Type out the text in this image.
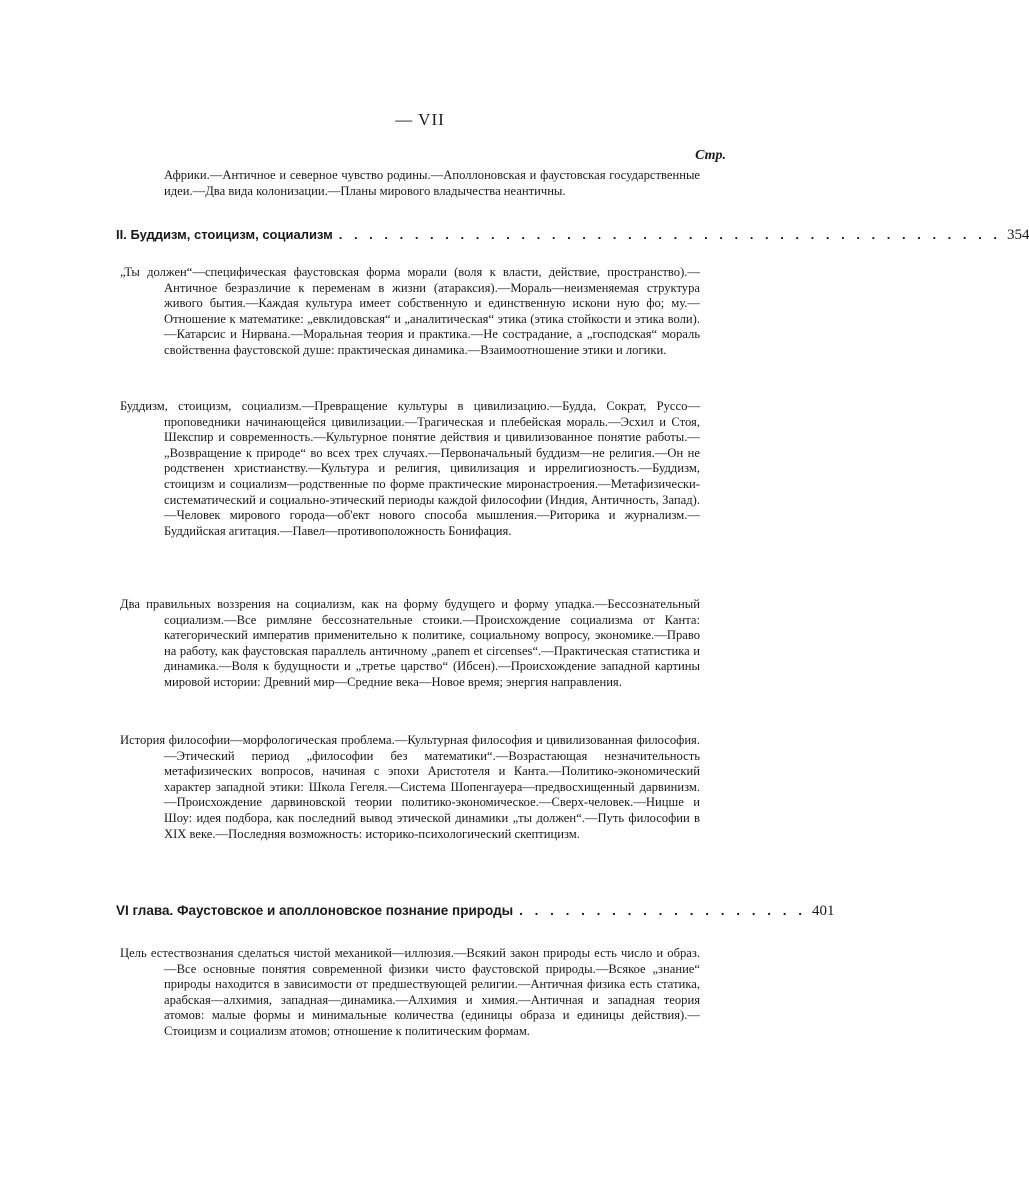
— VII
Стр.
Африки.—Античное и северное чувство родины.—Аполлоновская и фаустовская государственные идеи.—Два вида колонизации.—Планы мирового владычества неантичны.
II. Буддизм, стоицизм, социализм . . . . . . . . . . . . . . . . . . . . . . . . . . . . . . . . . . . . . . . . . . . . 354

„Ты должен“—специфическая фаустовская форма морали (воля к власти, действие, пространство).—Античное безразличие к переменам в жизни (атараксия).—Мораль—неизменяемая структура живого бытия.—Каждая культура имеет собственную и единственную искони ную фо; му.—Отношение к математике: „евклидовская“ и „аналитическая“ этика (этика стойкости и этика воли).—Катарсис и Нирвана.—Моральная теория и практика.—Не сострадание, а „господская“ мораль свойственна фаустовской душе: практическая динамика.—Взаимоотношение этики и логики.

Буддизм, стоицизм, социализм.—Превращение культуры в цивилизацию.—Будда, Сократ, Руссо—проповедники начинающейся цивилизации.—Трагическая и плебейская мораль.—Эсхил и Стоя, Шекспир и современность.—Культурное понятие действия и цивилизованное понятие работы.—„Возвращение к природе“ во всех трех случаях.—Первоначальный буддизм—не религия.—Он не родственен христианству.—Культура и религия, цивилизация и иррелигиозность.—Буддизм, стоицизм и социализм—родственные по форме практические миронастроения.—Метафизически-систематический и социально-этический периоды каждой философии (Индия, Античность, Запад).—Человек мирового города—об'ект нового способа мышления.—Риторика и журнализм.—Буддийская агитация.—Павел—противоположность Бонифация.

Два правильных воззрения на социализм, как на форму будущего и форму упадка.—Бессознательный социализм.—Все римляне бессознательные стоики.—Происхождение социализма от Канта: категорический императив применительно к политике, социальному вопросу, экономике.—Право на работу, как фаустовская параллель античному „panem et circenses“.—Практическая статистика и динамика.—Воля к будущности и „третье царство“ (Ибсен).—Происхождение западной картины мировой истории: Древний мир—Средние века—Новое время; энергия направления.

История философии—морфологическая проблема.—Культурная философия и цивилизованная философия.—Этический период „философии без математики“.—Возрастающая незначительность метафизических вопросов, начиная с эпохи Аристотеля и Канта.—Политико-экономический характер западной этики: Школа Гегеля.—Система Шопенгауера—предвосхищенный дарвинизм.—Происхождение дарвиновской теории политико-экономическое.—Сверх-человек.—Ницше и Шоу: идея подбора, как последний вывод этической динамики „ты должен“.—Путь философии в XIX веке.—Последняя возможность: историко-психологический скептицизм.

VI глава. Фаустовское и аполлоновское познание природы . . . . . . . . . . . . . . . . . . . 401

Цель естествознания сделаться чистой механикой—иллюзия.—Всякий закон природы есть число и образ.—Все основные понятия современной физики чисто фаустовской природы.—Всякое „знание“ природы находится в зависимости от предшествующей религии.—Античная физика есть статика, арабская—алхимия, западная—динамика.—Алхимия и химия.—Античная и западная теория атомов: малые формы и минимальные количества (единицы образа и единицы действия).—Стоицизм и социализм атомов; отношение к политическим формам.
